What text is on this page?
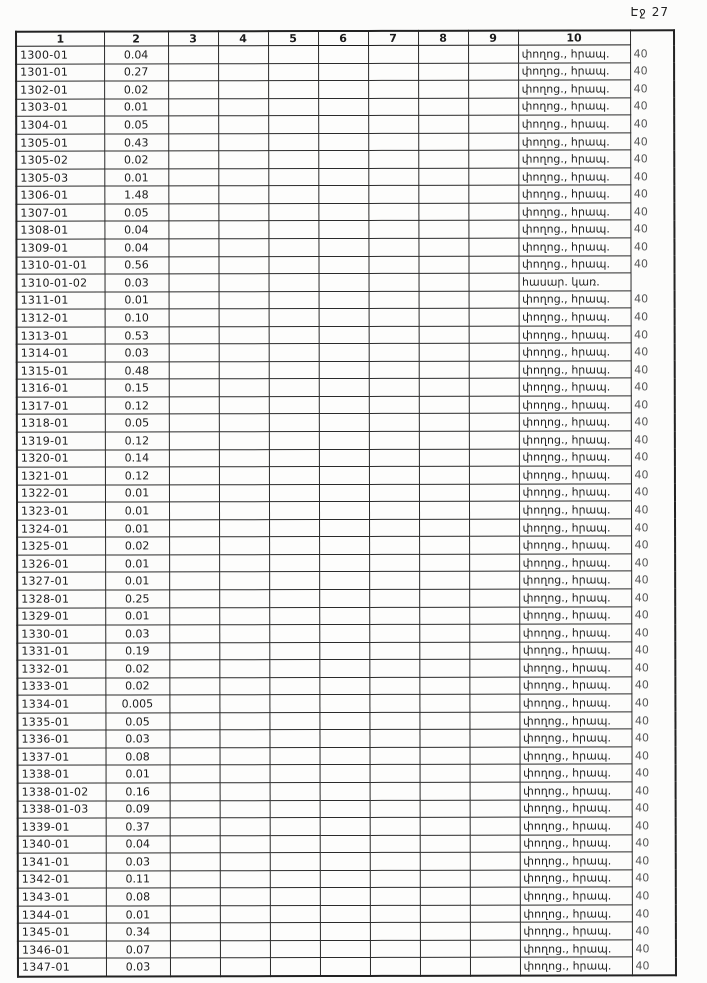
Էջ 27
1	2	3	4	5	6	7	8	9	10	
1300-01	0.04								փողոց., հրապ.	40
1301-01	0.27								փողոց., հրապ.	40
1302-01	0.02								փողոց., հրապ.	40
1303-01	0.01								փողոց., հրապ.	40
1304-01	0.05								փողոց., հրապ.	40
1305-01	0.43								փողոց., հրապ.	40
1305-02	0.02								փողոց., հրապ.	40
1305-03	0.01								փողոց., հրապ.	40
1306-01	1.48								փողոց., հրապ.	40
1307-01	0.05								փողոց., հրապ.	40
1308-01	0.04								փողոց., հրապ.	40
1309-01	0.04								փողոց., հրապ.	40
1310-01-01	0.56								փողոց., հրապ.	40
1310-01-02	0.03								հասար. կառ.	
1311-01	0.01								փողոց., հրապ.	40
1312-01	0.10								փողոց., հրապ.	40
1313-01	0.53								փողոց., հրապ.	40
1314-01	0.03								փողոց., հրապ.	40
1315-01	0.48								փողոց., հրապ.	40
1316-01	0.15								փողոց., հրապ.	40
1317-01	0.12								փողոց., հրապ.	40
1318-01	0.05								փողոց., հրապ.	40
1319-01	0.12								փողոց., հրապ.	40
1320-01	0.14								փողոց., հրապ.	40
1321-01	0.12								փողոց., հրապ.	40
1322-01	0.01								փողոց., հրապ.	40
1323-01	0.01								փողոց., հրապ.	40
1324-01	0.01								փողոց., հրապ.	40
1325-01	0.02								փողոց., հրապ.	40
1326-01	0.01								փողոց., հրապ.	40
1327-01	0.01								փողոց., հրապ.	40
1328-01	0.25								փողոց., հրապ.	40
1329-01	0.01								փողոց., հրապ.	40
1330-01	0.03								փողոց., հրապ.	40
1331-01	0.19								փողոց., հրապ.	40
1332-01	0.02								փողոց., հրապ.	40
1333-01	0.02								փողոց., հրապ.	40
1334-01	0.005								փողոց., հրապ.	40
1335-01	0.05								փողոց., հրապ.	40
1336-01	0.03								փողոց., հրապ.	40
1337-01	0.08								փողոց., հրապ.	40
1338-01	0.01								փողոց., հրապ.	40
1338-01-02	0.16								փողոց., հրապ.	40
1338-01-03	0.09								փողոց., հրապ.	40
1339-01	0.37								փողոց., հրապ.	40
1340-01	0.04								փողոց., հրապ.	40
1341-01	0.03								փողոց., հրապ.	40
1342-01	0.11								փողոց., հրապ.	40
1343-01	0.08								փողոց., հրապ.	40
1344-01	0.01								փողոց., հրապ.	40
1345-01	0.34								փողոց., հրապ.	40
1346-01	0.07								փողոց., հրապ.	40
1347-01	0.03								փողոց., հրապ.	40
